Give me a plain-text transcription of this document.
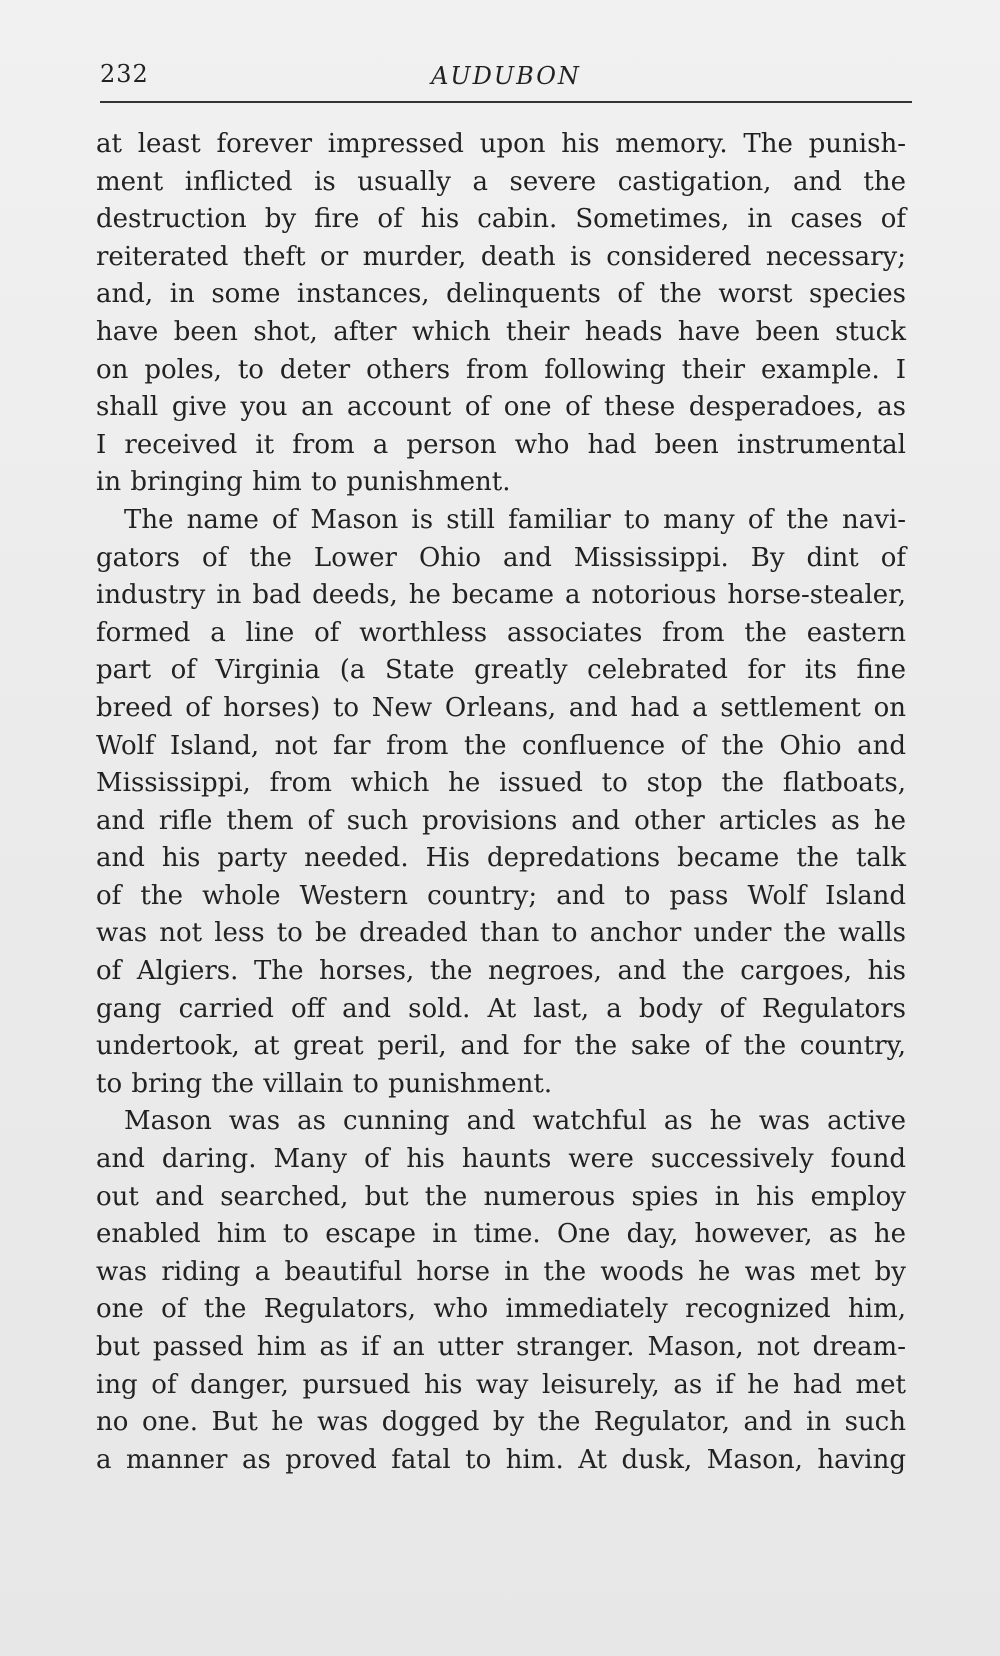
232	AUDUBON
at least forever impressed upon his memory. The punish-
ment inflicted is usually a severe castigation, and the
destruction by fire of his cabin. Sometimes, in cases of
reiterated theft or murder, death is considered necessary;
and, in some instances, delinquents of the worst species
have been shot, after which their heads have been stuck
on poles, to deter others from following their example. I
shall give you an account of one of these desperadoes, as
I received it from a person who had been instrumental
in bringing him to punishment.
The name of Mason is still familiar to many of the navi-
gators of the Lower Ohio and Mississippi. By dint of
industry in bad deeds, he became a notorious horse-stealer,
formed a line of worthless associates from the eastern
part of Virginia (a State greatly celebrated for its fine
breed of horses) to New Orleans, and had a settlement on
Wolf Island, not far from the confluence of the Ohio and
Mississippi, from which he issued to stop the flatboats,
and rifle them of such provisions and other articles as he
and his party needed. His depredations became the talk
of the whole Western country; and to pass Wolf Island
was not less to be dreaded than to anchor under the walls
of Algiers. The horses, the negroes, and the cargoes, his
gang carried off and sold. At last, a body of Regulators
undertook, at great peril, and for the sake of the country,
to bring the villain to punishment.
Mason was as cunning and watchful as he was active
and daring. Many of his haunts were successively found
out and searched, but the numerous spies in his employ
enabled him to escape in time. One day, however, as he
was riding a beautiful horse in the woods he was met by
one of the Regulators, who immediately recognized him,
but passed him as if an utter stranger. Mason, not dream-
ing of danger, pursued his way leisurely, as if he had met
no one. But he was dogged by the Regulator, and in such
a manner as proved fatal to him. At dusk, Mason, having
